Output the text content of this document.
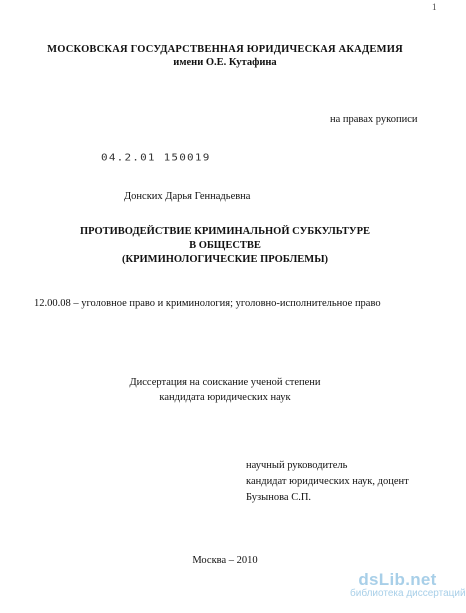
1
МОСКОВСКАЯ ГОСУДАРСТВЕННАЯ ЮРИДИЧЕСКАЯ АКАДЕМИЯ
имени О.Е. Кутафина
на правах рукописи
04.2.01 150019
Донских Дарья Геннадьевна
ПРОТИВОДЕЙСТВИЕ КРИМИНАЛЬНОЙ СУБКУЛЬТУРЕ
В ОБЩЕСТВЕ
(КРИМИНОЛОГИЧЕСКИЕ ПРОБЛЕМЫ)
12.00.08 – уголовное право и криминология; уголовно-исполнительное право
Диссертация на соискание ученой степени
кандидата юридических наук
научный руководитель
кандидат юридических наук, доцент
Бузынова С.П.
Москва – 2010
dsLib.net
библиотека диссертаций
